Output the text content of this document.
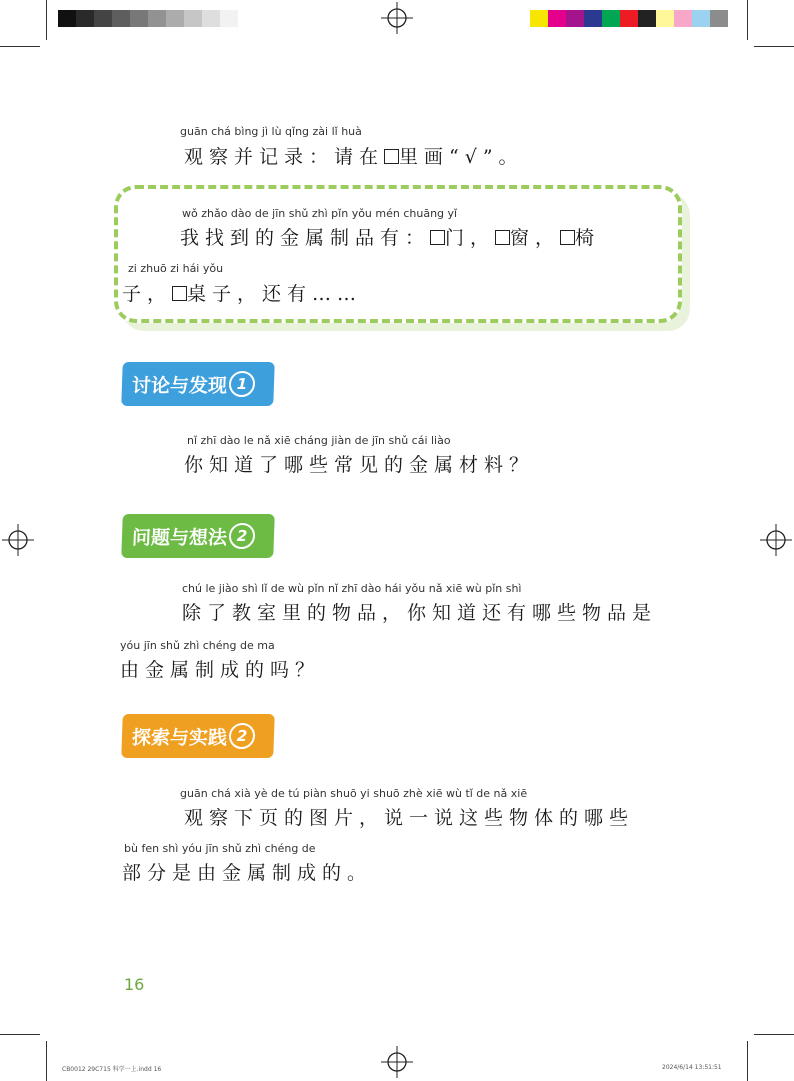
guān chá bìng jì lù qǐng zài lǐ huà
观察并记录：请在 里画“√”。
wǒ zhǎo dào de jīn shǔ zhì pǐn yǒu mén chuāng yǐ
我找到的金属制品有： 门， 窗， 椅
zi zhuō zi hái yǒu
子， 桌子，还有……
讨论与发现 1
nǐ zhī dào le nǎ xiē cháng jiàn de jīn shǔ cái liào
你知道了哪些常见的金属材料？
问题与想法 2
chú le jiào shì lǐ de wù pǐn nǐ zhī dào hái yǒu nǎ xiē wù pǐn shì
除了教室里的物品，你知道还有哪些物品是
yóu jīn shǔ zhì chéng de ma
由金属制成的吗？
探索与实践 2
guān chá xià yè de tú piàn shuō yi shuō zhè xiē wù tǐ de nǎ xiē
观察下页的图片，说一说这些物体的哪些
bù fen shì yóu jīn shǔ zhì chéng de
部分是由金属制成的。
16
CB0012 29C715 科学一上.indd 16	2024/6/14 13:51:51
